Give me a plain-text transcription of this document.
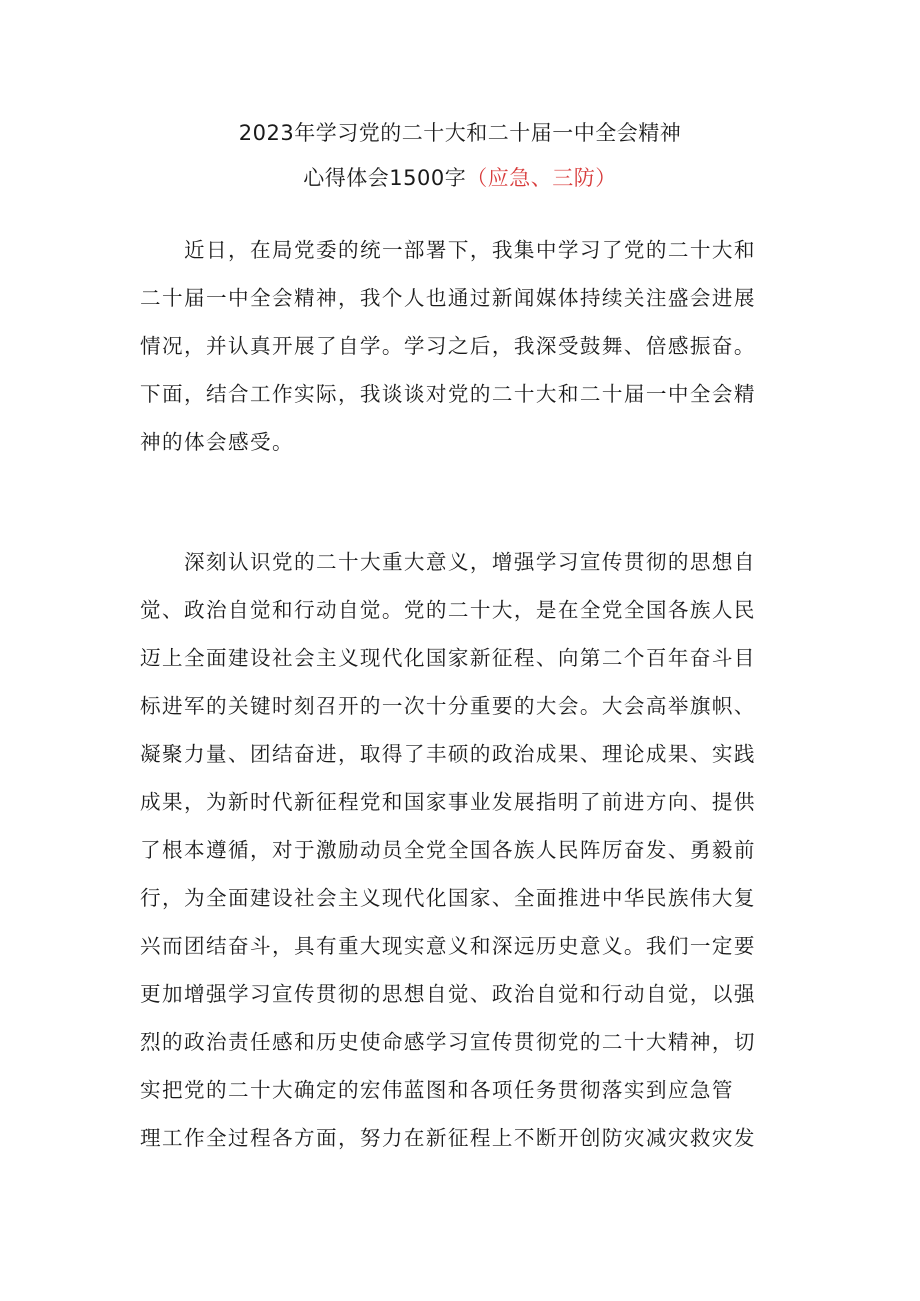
2023年学习党的二十大和二十届一中全会精神
心得体会1500字（应急、三防）
近日，在局党委的统一部署下，我集中学习了党的二十大和
二十届一中全会精神，我个人也通过新闻媒体持续关注盛会进展
情况，并认真开展了自学。学习之后，我深受鼓舞、倍感振奋。
下面，结合工作实际，我谈谈对党的二十大和二十届一中全会精
神的体会感受。
深刻认识党的二十大重大意义，增强学习宣传贯彻的思想自
觉、政治自觉和行动自觉。党的二十大，是在全党全国各族人民
迈上全面建设社会主义现代化国家新征程、向第二个百年奋斗目
标进军的关键时刻召开的一次十分重要的大会。大会高举旗帜、
凝聚力量、团结奋进，取得了丰硕的政治成果、理论成果、实践
成果，为新时代新征程党和国家事业发展指明了前进方向、提供
了根本遵循，对于激励动员全党全国各族人民阵厉奋发、勇毅前
行，为全面建设社会主义现代化国家、全面推进中华民族伟大复
兴而团结奋斗，具有重大现实意义和深远历史意义。我们一定要
更加增强学习宣传贯彻的思想自觉、政治自觉和行动自觉，以强
烈的政治责任感和历史使命感学习宣传贯彻党的二十大精神，切
实把党的二十大确定的宏伟蓝图和各项任务贯彻落实到应急管
理工作全过程各方面，努力在新征程上不断开创防灾减灾救灾发
